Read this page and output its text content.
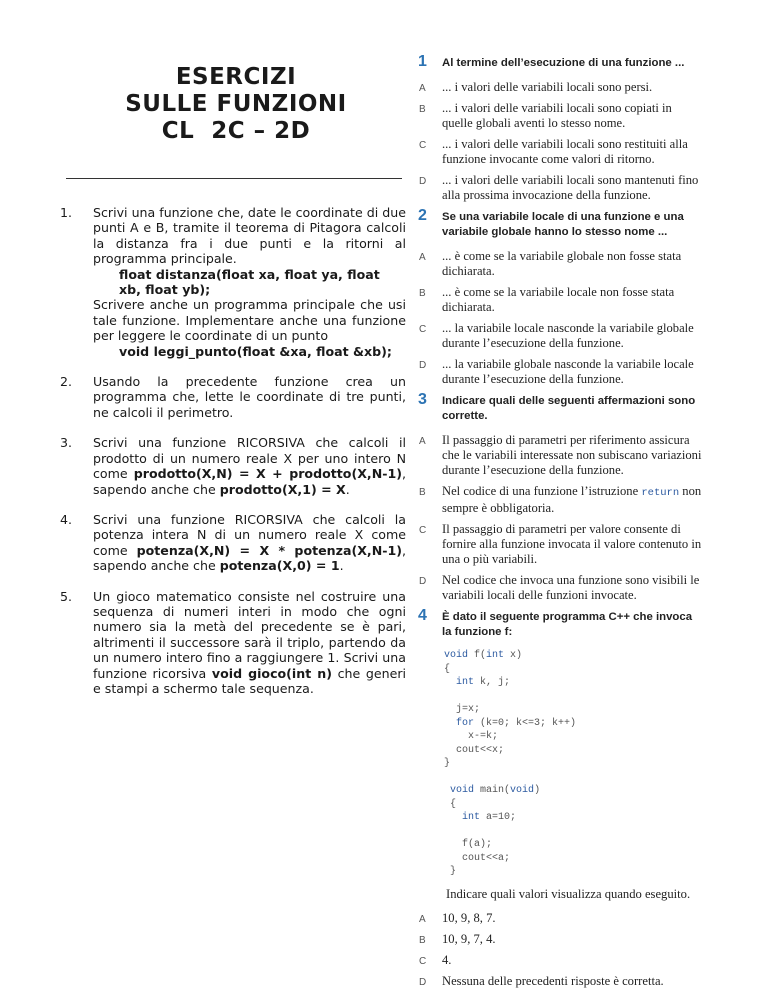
ESERCIZI
SULLE FUNZIONI
CL  2C – 2D
1. Scrivi una funzione che, date le coordinate di due punti A e B, tramite il teorema di Pitagora calcoli la distanza fra i due punti e la ritorni al programma principale.
float distanza(float xa, float ya, float
xb, float yb);
Scrivere anche un programma principale che usi tale funzione. Implementare anche una funzione per leggere le coordinate di un punto
void leggi_punto(float &xa, float &xb);
2. Usando la precedente funzione crea un programma che, lette le coordinate di tre punti, ne calcoli il perimetro.
3. Scrivi una funzione RICORSIVA che calcoli il prodotto di un numero reale X per uno intero N come prodotto(X,N) = X + prodotto(X,N-1), sapendo anche che prodotto(X,1) = X.
4. Scrivi una funzione RICORSIVA che calcoli la potenza intera N di un numero reale X come come potenza(X,N) = X * potenza(X,N-1), sapendo anche che potenza(X,0) = 1.
5. Un gioco matematico consiste nel costruire una sequenza di numeri interi in modo che ogni numero sia la metà del precedente se è pari, altrimenti il successore sarà il triplo, partendo da un numero intero fino a raggiungere 1. Scrivi una funzione ricorsiva void gioco(int n) che generi e stampi a schermo tale sequenza.
1 Al termine dell’esecuzione di una funzione ...
A ... i valori delle variabili locali sono persi.
B ... i valori delle variabili locali sono copiati in quelle globali aventi lo stesso nome.
C ... i valori delle variabili locali sono restituiti alla funzione invocante come valori di ritorno.
D ... i valori delle variabili locali sono mantenuti fino alla prossima invocazione della funzione.
2 Se una variabile locale di una funzione e una variabile globale hanno lo stesso nome ...
A ... è come se la variabile globale non fosse stata dichiarata.
B ... è come se la variabile locale non fosse stata dichiarata.
C ... la variabile locale nasconde la variabile globale durante l’esecuzione della funzione.
D ... la variabile globale nasconde la variabile locale durante l’esecuzione della funzione.
3 Indicare quali delle seguenti affermazioni sono corrette.
A Il passaggio di parametri per riferimento assicura che le variabili interessate non subiscano variazioni durante l’esecuzione della funzione.
B Nel codice di una funzione l’istruzione return non sempre è obbligatoria.
C Il passaggio di parametri per valore consente di fornire alla funzione invocata il valore contenuto in una o più variabili.
D Nel codice che invoca una funzione sono visibili le variabili locali delle funzioni invocate.
4 È dato il seguente programma C++ che invoca la funzione f:
void f(int x)
{
int k, j;

j=x;
for (k=0; k<=3; k++)
x-=k;
cout<<x;
}

void main(void)
{
int a=10;

f(a);
cout<<a;
}
Indicare quali valori visualizza quando eseguito.
A 10, 9, 8, 7.
B 10, 9, 7, 4.
C 4.
D Nessuna delle precedenti risposte è corretta.
